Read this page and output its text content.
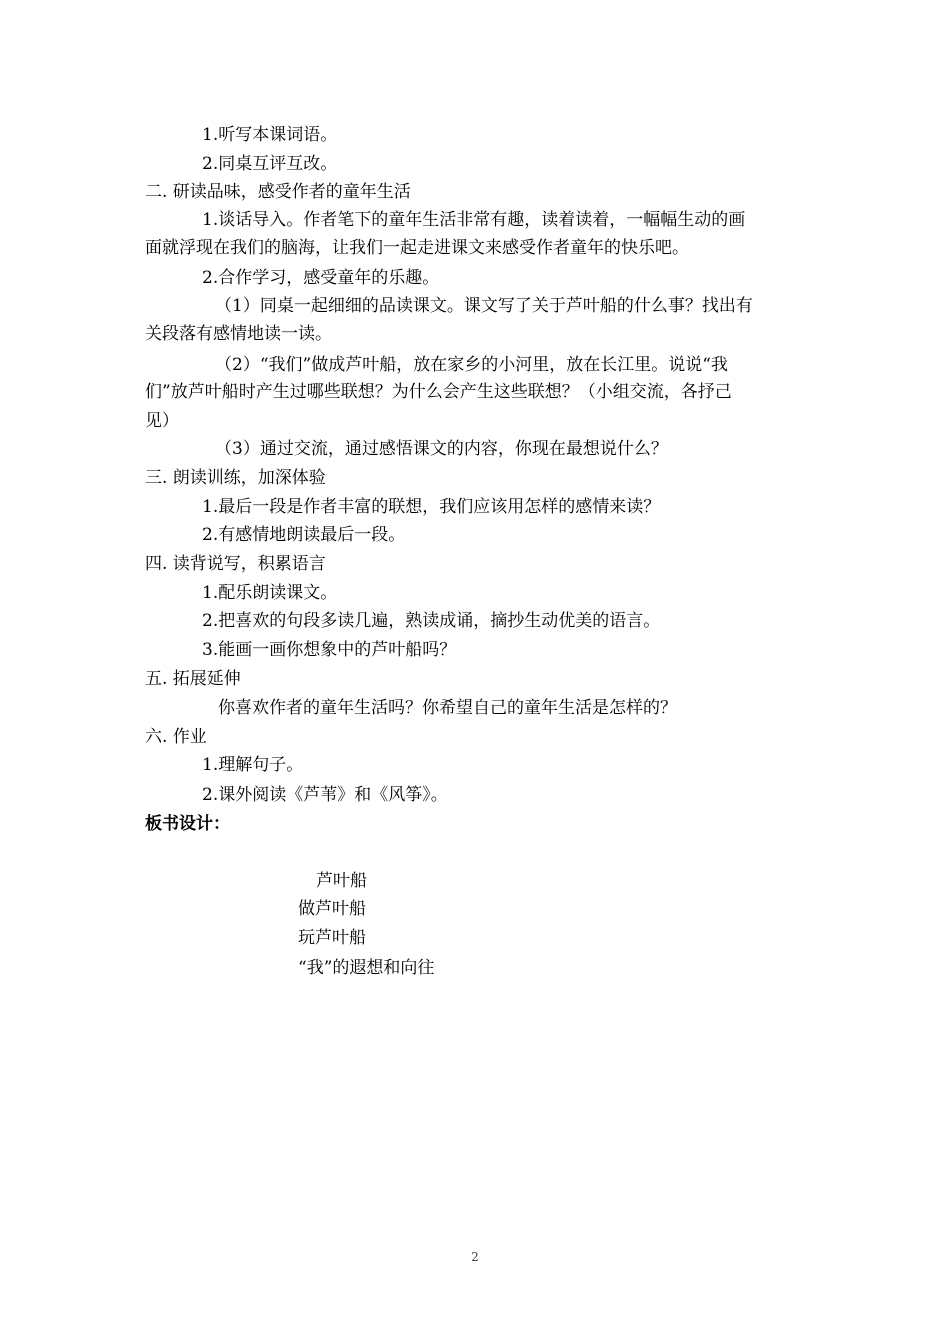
1.听写本课词语。
2.同桌互评互改。
二. 研读品味，感受作者的童年生活
1.谈话导入。作者笔下的童年生活非常有趣，读着读着，一幅幅生动的画
面就浮现在我们的脑海，让我们一起走进课文来感受作者童年的快乐吧。
2.合作学习，感受童年的乐趣。
（1）同桌一起细细的品读课文。课文写了关于芦叶船的什么事？找出有
关段落有感情地读一读。
（2）“我们”做成芦叶船，放在家乡的小河里，放在长江里。说说“我
们”放芦叶船时产生过哪些联想？为什么会产生这些联想？（小组交流，各抒己
见）
（3）通过交流，通过感悟课文的内容，你现在最想说什么？
三. 朗读训练，加深体验
1.最后一段是作者丰富的联想，我们应该用怎样的感情来读？
2.有感情地朗读最后一段。
四. 读背说写，积累语言
1.配乐朗读课文。
2.把喜欢的句段多读几遍，熟读成诵，摘抄生动优美的语言。
3.能画一画你想象中的芦叶船吗？
五. 拓展延伸
你喜欢作者的童年生活吗？你希望自己的童年生活是怎样的？
六. 作业
1.理解句子。
2.课外阅读《芦苇》和《风筝》。
板书设计：
芦叶船
做芦叶船
玩芦叶船
“我”的遐想和向往
2
